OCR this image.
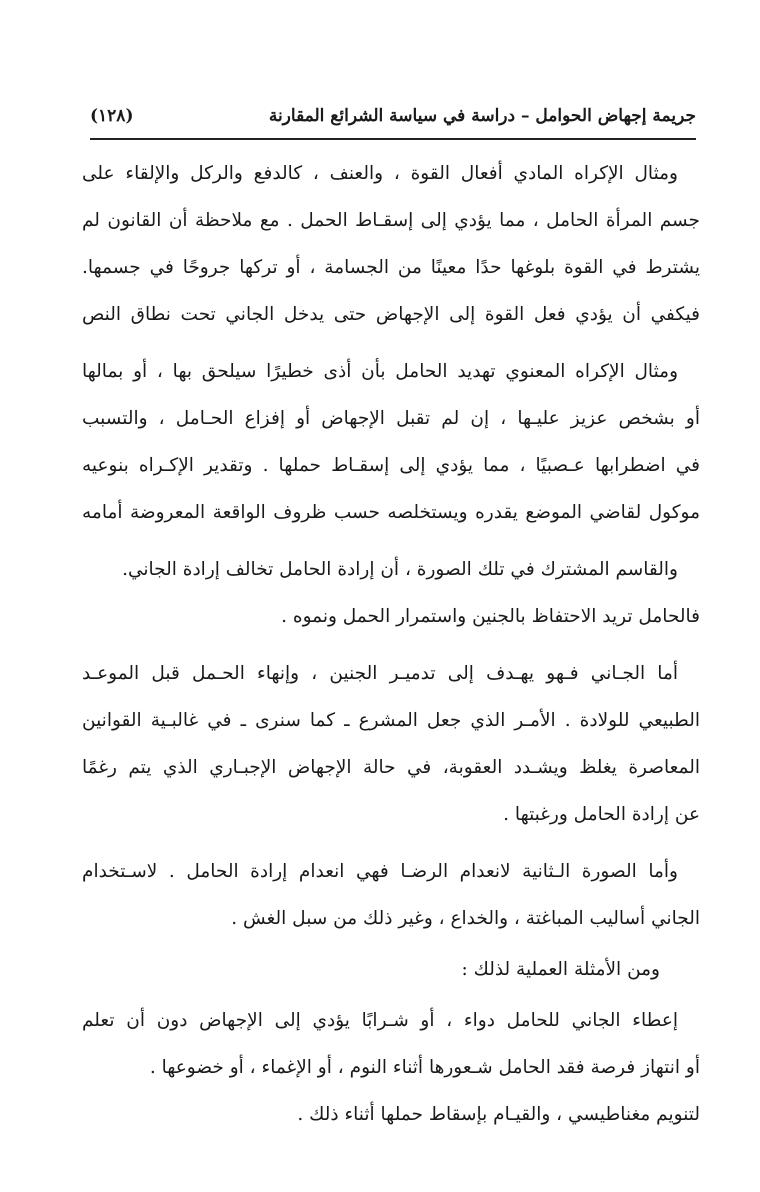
جريمة إجهاض الحوامل – دراسة في سياسة الشرائع المقارنة
(١٢٨)
ومثال الإكراه المادي أفعال القوة ، والعنف ، كالدفع والركل والإلقاء على
جسم المرأة الحامل ، مما يؤدي إلى إسقـاط الحمل . مع ملاحظة أن القانون لم
يشترط في القوة بلوغها حدًا معينًا من الجسامة ، أو تركها جروحًا في جسمها.
فيكفي أن يؤدي فعل القوة إلى الإجهاض حتى يدخل الجاني تحت نطاق النص
ومثال الإكراه المعنوي تهديد الحامل بأن أذى خطيرًا سيلحق بها ، أو بمالها
أو بشخص عزيز عليـها ، إن لم تقبل الإجهاض أو إفزاع الحـامل ، والتسبب
في اضطرابها عـصبيًا ، مما يؤدي إلى إسقـاط حملها . وتقدير الإكـراه بنوعيه
موكول لقاضي الموضع يقدره ويستخلصه حسب ظروف الواقعة المعروضة أمامه
والقاسم المشترك في تلك الصورة ، أن إرادة الحامل تخالف إرادة الجاني.
فالحامل تريد الاحتفاظ بالجنين واستمرار الحمل ونموه .
أما الجـاني فـهو يهـدف إلى تدميـر الجنين ، وإنهاء الحـمل قبل الموعـد
الطبيعي للولادة . الأمـر الذي جعل المشرع ـ كما سنرى ـ في غالبـية القوانين
المعاصرة يغلظ ويشـدد العقوبة، في حالة الإجهاض الإجبـاري الذي يتم رغمًا
عن إرادة الحامل ورغبتها .
وأما الصورة الـثانية لانعدام الرضـا فهي انعدام إرادة الحامل . لاسـتخدام
الجاني أساليب المباغتة ، والخداع ، وغير ذلك من سبل الغش .
ومن الأمثلة العملية لذلك :
إعطاء الجاني للحامل دواء ، أو شـرابًا يؤدي إلى الإجهاض دون أن تعلم
أو انتهاز فرصة فقد الحامل شـعورها أثناء النوم ، أو الإغماء ، أو خضوعها .
لتنويم مغناطيسي ، والقيـام بإسقاط حملها أثناء ذلك .
